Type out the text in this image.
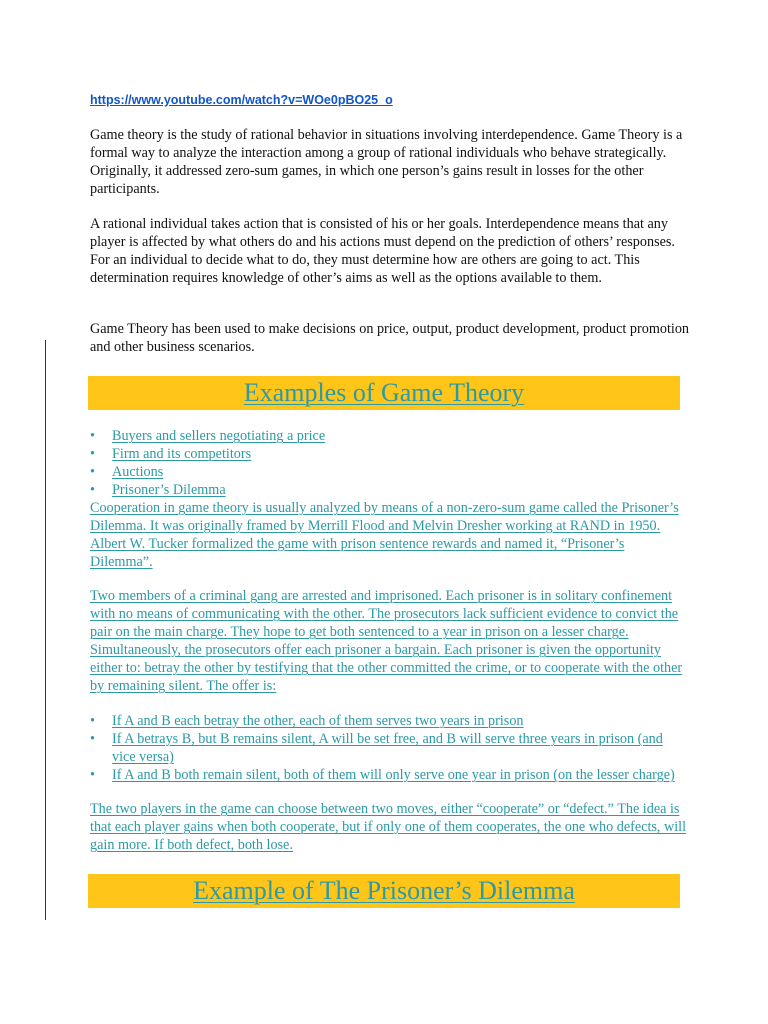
https://www.youtube.com/watch?v=WOe0pBO25_o

Game theory is the study of rational behavior in situations involving interdependence. Game Theory is a formal way to analyze the interaction among a group of rational individuals who behave strategically. Originally, it addressed zero-sum games, in which one person’s gains result in losses for the other participants.

A rational individual takes action that is consisted of his or her goals. Interdependence means that any player is affected by what others do and his actions must depend on the prediction of others’ responses. For an individual to decide what to do, they must determine how are others are going to act. This determination requires knowledge of other’s aims as well as the options available to them.

Game Theory has been used to make decisions on price, output, product development, product promotion and other business scenarios.

Examples of Game Theory
• Buyers and sellers negotiating a price
• Firm and its competitors
• Auctions
• Prisoner’s Dilemma

Cooperation in game theory is usually analyzed by means of a non-zero-sum game called the Prisoner’s Dilemma. It was originally framed by Merrill Flood and Melvin Dresher working at RAND in 1950. Albert W. Tucker formalized the game with prison sentence rewards and named it, “Prisoner’s Dilemma”.

Two members of a criminal gang are arrested and imprisoned. Each prisoner is in solitary confinement with no means of communicating with the other. The prosecutors lack sufficient evidence to convict the pair on the main charge. They hope to get both sentenced to a year in prison on a lesser charge. Simultaneously, the prosecutors offer each prisoner a bargain. Each prisoner is given the opportunity either to: betray the other by testifying that the other committed the crime, or to cooperate with the other by remaining silent. The offer is:

• If A and B each betray the other, each of them serves two years in prison
• If A betrays B, but B remains silent, A will be set free, and B will serve three years in prison (and vice versa)
• If A and B both remain silent, both of them will only serve one year in prison (on the lesser charge)

The two players in the game can choose between two moves, either “cooperate” or “defect.” The idea is that each player gains when both cooperate, but if only one of them cooperates, the one who defects, will gain more. If both defect, both lose.

Example of The Prisoner’s Dilemma
